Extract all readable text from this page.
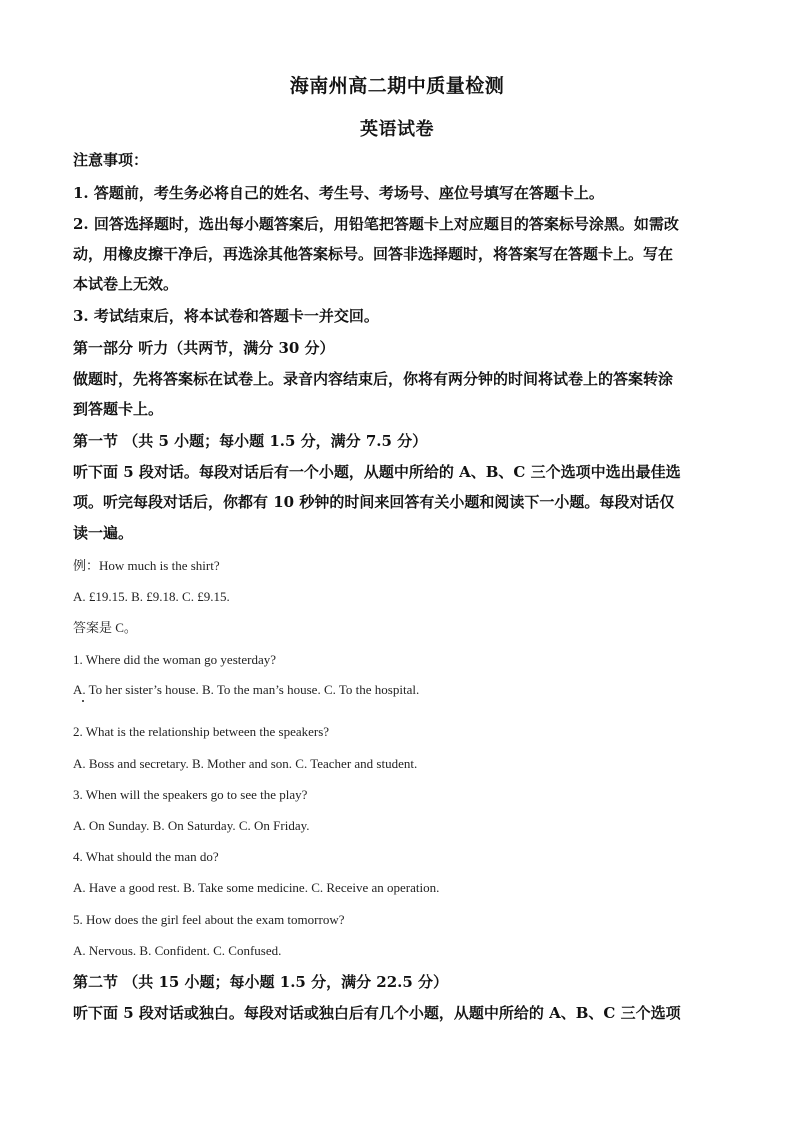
海南州高二期中质量检测
英语试卷
注意事项：
1. 答题前，考生务必将自己的姓名、考生号、考场号、座位号填写在答题卡上。
2. 回答选择题时，选出每小题答案后，用铅笔把答题卡上对应题目的答案标号涂黑。如需改
动，用橡皮擦干净后，再选涂其他答案标号。回答非选择题时，将答案写在答题卡上。写在
本试卷上无效。
3. 考试结束后，将本试卷和答题卡一并交回。
第一部分 听力（共两节，满分 30 分）
做题时，先将答案标在试卷上。录音内容结束后，你将有两分钟的时间将试卷上的答案转涂
到答题卡上。
第一节 （共 5 小题；每小题 1.5 分，满分 7.5 分）
听下面 5 段对话。每段对话后有一个小题，从题中所给的 A、B、C 三个选项中选出最佳选
项。听完每段对话后，你都有 10 秒钟的时间来回答有关小题和阅读下一小题。每段对话仅
读一遍。
例：How much is the shirt?
A. £19.15. B. £9.18. C. £9.15.
答案是 C。
1. Where did the woman go yesterday?
A. To her sister’s house. B. To the man’s house. C. To the hospital.
2. What is the relationship between the speakers?
A. Boss and secretary. B. Mother and son. C. Teacher and student.
3. When will the speakers go to see the play?
A. On Sunday. B. On Saturday. C. On Friday.
4. What should the man do?
A. Have a good rest. B. Take some medicine. C. Receive an operation.
5. How does the girl feel about the exam tomorrow?
A. Nervous. B. Confident. C. Confused.
第二节 （共 15 小题；每小题 1.5 分，满分 22.5 分）
听下面 5 段对话或独白。每段对话或独白后有几个小题，从题中所给的 A、B、C 三个选项
